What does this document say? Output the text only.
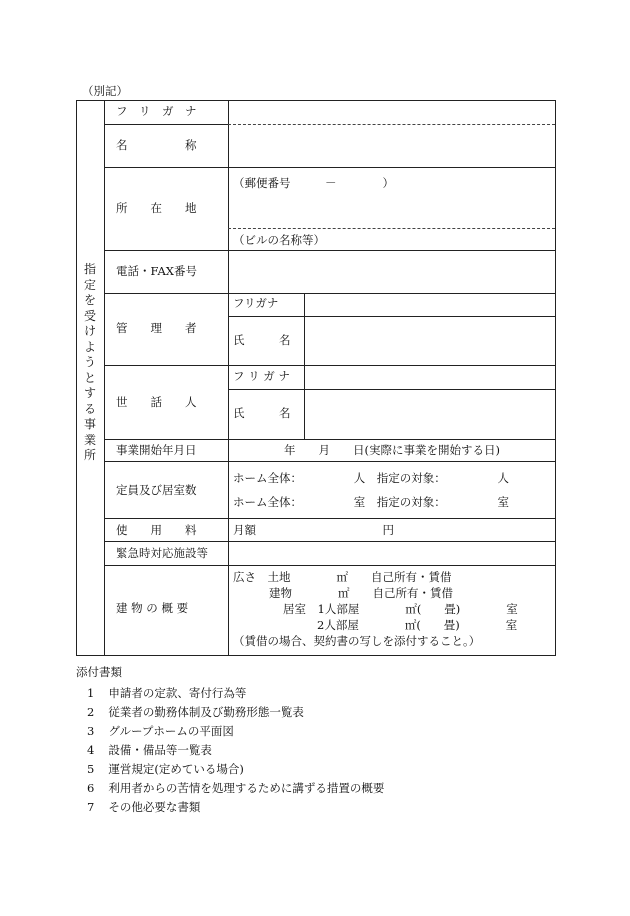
（別記）
指定を受けようとする事業所
フ　リ　ガ　ナ
名　　　　　称
所　　在　　地
（郵便番号　　　－　　　　）
（ビルの名称等）
電話・FAX番号
管　　理　　者
フリガナ
氏　　　名
世　　話　　人
フ リ ガ ナ
氏　　　名
事業開始年月日	年　　月　　日(実際に事業を開始する日)
定員及び居室数
ホーム全体：　　　　　人　指定の対象：　　　　　人
ホーム全体：　　　　　室　指定の対象：　　　　　室
使　　用　　料	月額　　　　　　　　　　　円
緊急時対応施設等
建 物 の 概 要
広さ　土地　　　　㎡　　自己所有・賃借
建物　　　　㎡　　自己所有・賃借
居室　1人部屋　　　　㎡(　　畳)　　　　室
2人部屋　　　　㎡(　　畳)　　　　室
（賃借の場合、契約書の写しを添付すること。）
添付書類
1 申請者の定款、寄付行為等
2 従業者の勤務体制及び勤務形態一覧表
3 グループホームの平面図
4 設備・備品等一覧表
5 運営規定(定めている場合)
6 利用者からの苦情を処理するために講ずる措置の概要
7 その他必要な書類
